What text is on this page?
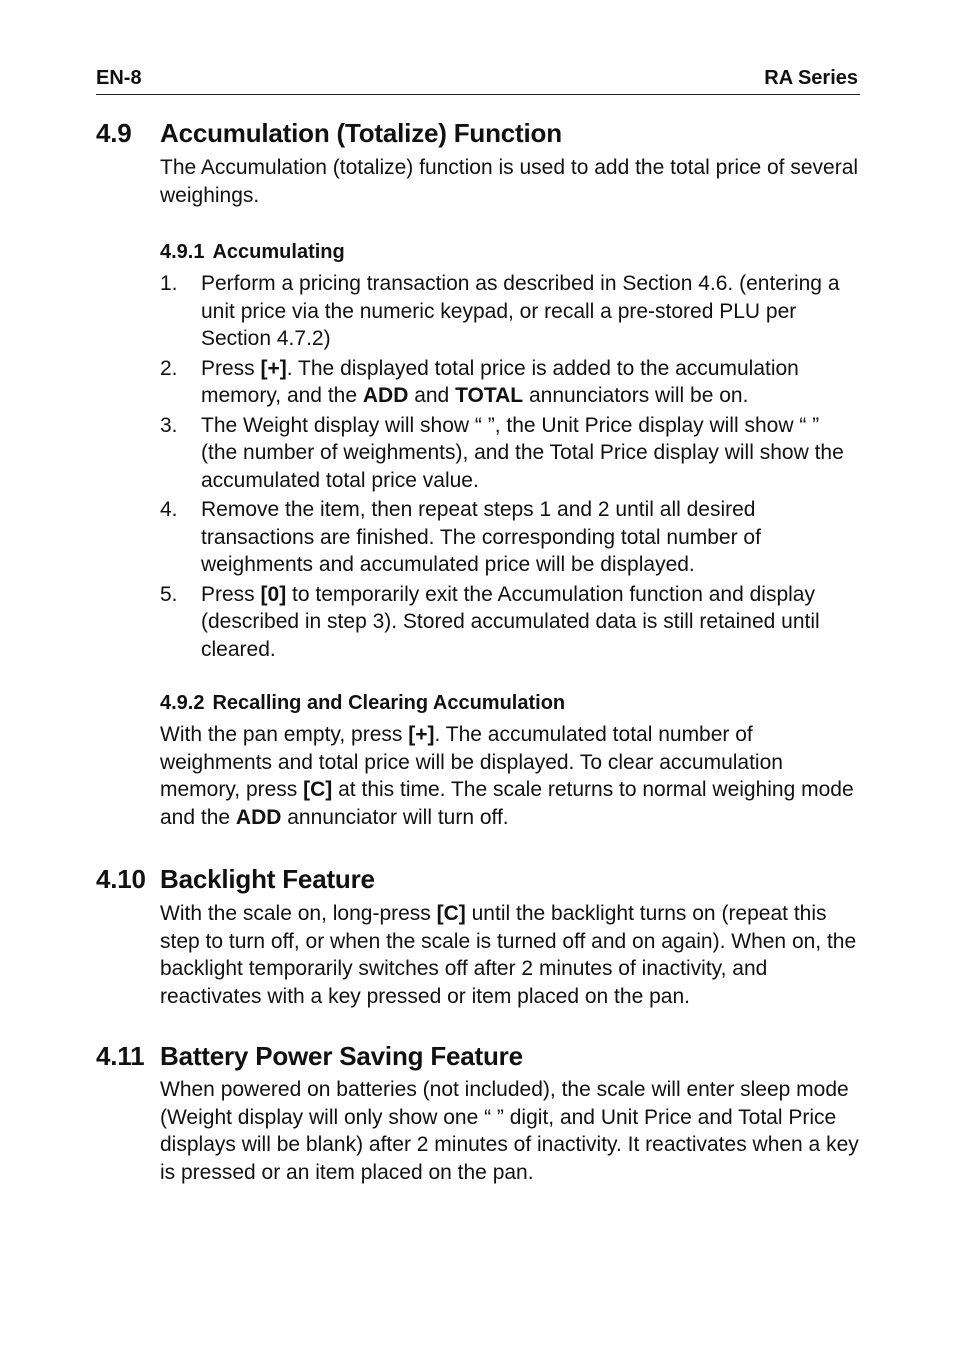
EN-8	RA Series
4.9 Accumulation (Totalize) Function
The Accumulation (totalize) function is used to add the total price of several weighings.
4.9.1 Accumulating
1. Perform a pricing transaction as described in Section 4.6. (entering a unit price via the numeric keypad, or recall a pre-stored PLU per Section 4.7.2)
2. Press [+]. The displayed total price is added to the accumulation memory, and the ADD and TOTAL annunciators will be on.
3. The Weight display will show “ ”, the Unit Price display will show “ ” (the number of weighments), and the Total Price display will show the accumulated total price value.
4. Remove the item, then repeat steps 1 and 2 until all desired transactions are finished. The corresponding total number of weighments and accumulated price will be displayed.
5. Press [0] to temporarily exit the Accumulation function and display (described in step 3). Stored accumulated data is still retained until cleared.
4.9.2 Recalling and Clearing Accumulation
With the pan empty, press [+]. The accumulated total number of weighments and total price will be displayed. To clear accumulation memory, press [C] at this time. The scale returns to normal weighing mode and the ADD annunciator will turn off.
4.10 Backlight Feature
With the scale on, long-press [C] until the backlight turns on (repeat this step to turn off, or when the scale is turned off and on again). When on, the backlight temporarily switches off after 2 minutes of inactivity, and reactivates with a key pressed or item placed on the pan.
4.11 Battery Power Saving Feature
When powered on batteries (not included), the scale will enter sleep mode (Weight display will only show one “ ” digit, and Unit Price and Total Price displays will be blank) after 2 minutes of inactivity. It reactivates when a key is pressed or an item placed on the pan.
